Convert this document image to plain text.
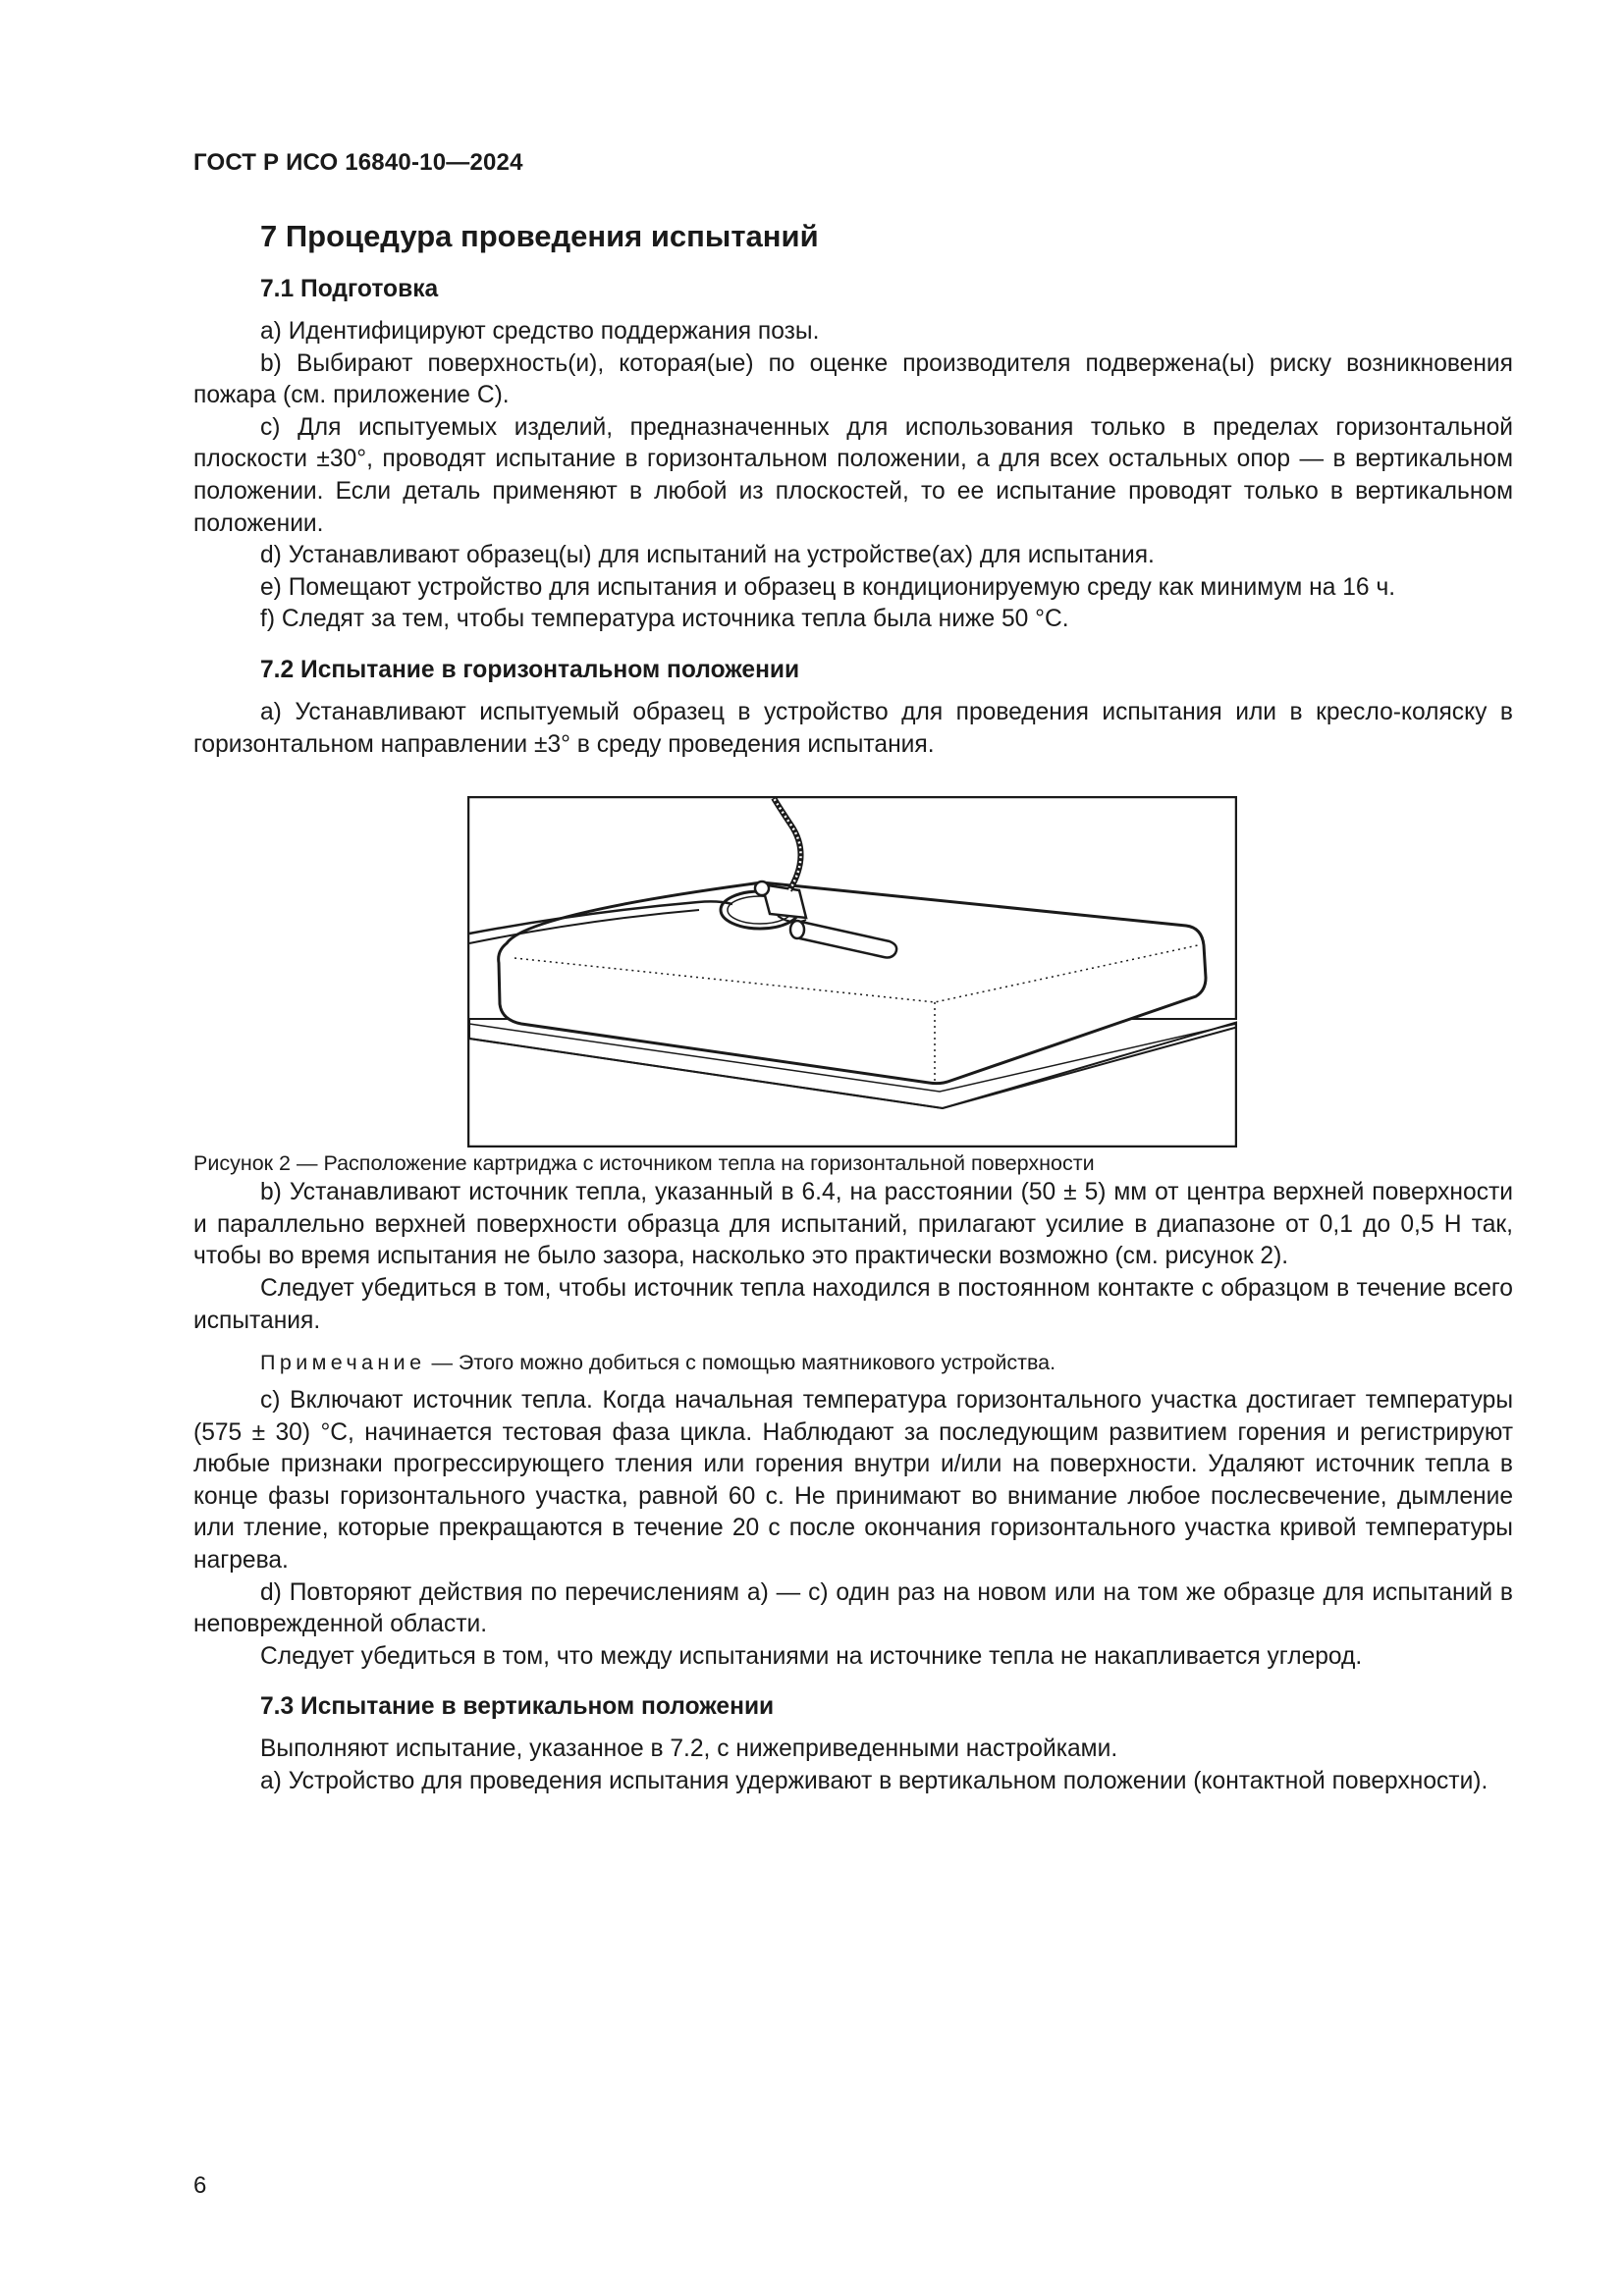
ГОСТ Р ИСО 16840-10—2024
7 Процедура проведения испытаний
7.1 Подготовка

a) Идентифицируют средство поддержания позы.

b) Выбирают поверхность(и), которая(ые) по оценке производителя подвержена(ы) риску возникновения пожара (см. приложение С).

c) Для испытуемых изделий, предназначенных для использования только в пределах горизонтальной плоскости ±30°, проводят испытание в горизонтальном положении, а для всех остальных опор — в вертикальном положении. Если деталь применяют в любой из плоскостей, то ее испытание проводят только в вертикальном положении.

d) Устанавливают образец(ы) для испытаний на устройстве(ах) для испытания.

e) Помещают устройство для испытания и образец в кондиционируемую среду как минимум на 16 ч.

f) Следят за тем, чтобы температура источника тепла была ниже 50 °С.

7.2 Испытание в горизонтальном положении

a) Устанавливают испытуемый образец в устройство для проведения испытания или в кресло-коляску в горизонтальном направлении ±3° в среду проведения испытания.

Рисунок 2 — Расположение картриджа с источником тепла на горизонтальной поверхности

b) Устанавливают источник тепла, указанный в 6.4, на расстоянии (50 ± 5) мм от центра верхней поверхности и параллельно верхней поверхности образца для испытаний, прилагают усилие в диапазоне от 0,1 до 0,5 Н так, чтобы во время испытания не было зазора, насколько это практически возможно (см. рисунок 2).

Следует убедиться в том, чтобы источник тепла находился в постоянном контакте с образцом в течение всего испытания.

Примечание — Этого можно добиться с помощью маятникового устройства.

c) Включают источник тепла. Когда начальная температура горизонтального участка достигает температуры (575 ± 30) °С, начинается тестовая фаза цикла. Наблюдают за последующим развитием горения и регистрируют любые признаки прогрессирующего тления или горения внутри и/или на поверхности. Удаляют источник тепла в конце фазы горизонтального участка, равной 60 с. Не принимают во внимание любое послесвечение, дымление или тление, которые прекращаются в течение 20 с после окончания горизонтального участка кривой температуры нагрева.

d) Повторяют действия по перечислениям а) — с) один раз на новом или на том же образце для испытаний в неповрежденной области.

Следует убедиться в том, что между испытаниями на источнике тепла не накапливается углерод.

7.3 Испытание в вертикальном положении

Выполняют испытание, указанное в 7.2, с нижеприведенными настройками.

a) Устройство для проведения испытания удерживают в вертикальном положении (контактной поверхности).

6
